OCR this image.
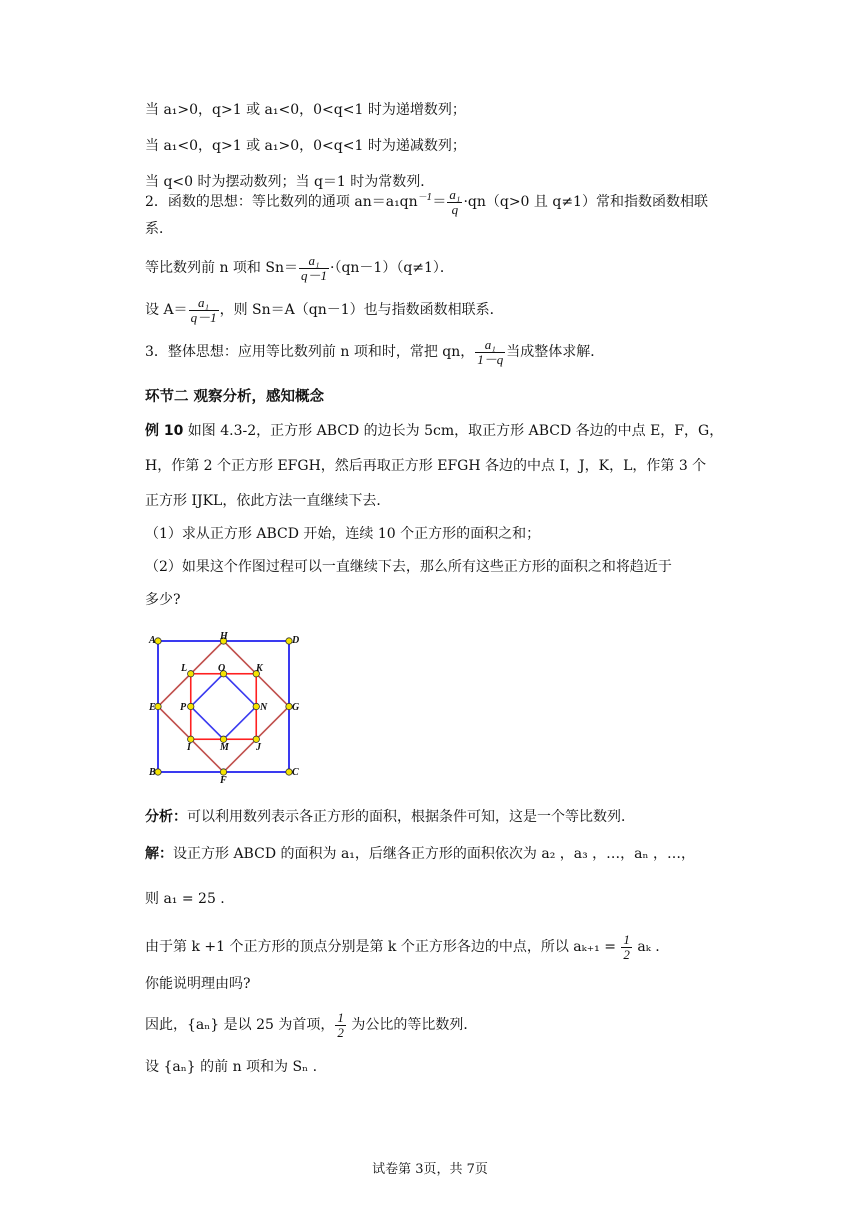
当 a₁>0，q>1 或 a₁<0，0<q<1 时为递增数列；
当 a₁<0，q>1 或 a₁>0，0<q<1 时为递减数列；
当 q<0 时为摆动数列；当 q＝1 时为常数列．
2．函数的思想：等比数列的通项 $an=a_1qn^{-1}= \frac{\text{a₁}}{q} \cdot qn(q>0$ 且 q≠1）常和指数函数相联
系．
等比数列前 n 项和 $Sn= \frac{\text{a₁}}{q-1} \cdot(qn-1)(q\ne 1)$．
设 $A= \frac{\text{a₁}}{q-1}$ ，则 Sn＝A（qn－1）也与指数函数相联系．
3．整体思想：应用等比数列前 n 项和时，常把 qn， $\frac{\text{a₁}}{1-q}$ 当成整体求解．
环节二 观察分析，感知概念
例 10 如图 4.3-2，正方形 ABCD 的边长为 5cm，取正方形 ABCD 各边的中点 E，F，G，
H，作第 2 个正方形 EFGH，然后再取正方形 EFGH 各边的中点 I，J，K，L，作第 3 个
正方形 IJKL，依此方法一直继续下去．
（1）求从正方形 ABCD 开始，连续 10 个正方形的面积之和；
（2）如果这个作图过程可以一直继续下去，那么所有这些正方形的面积之和将趋近于
多少?
A	H	D
L	O	K
E P	N G
I	M	J
B
F
C
分析：可以利用数列表示各正方形的面积，根据条件可知，这是一个等比数列．
解：设正方形 ABCD 的面积为 a₁，后继各正方形的面积依次为 a₂ ，a₃ ，…，aₙ ，…，
则 a₁ = 25 .
由于第 k +1 个正方形的顶点分别是第 k 个正方形各边的中点，所以 $a_{k+1} = \frac{1}{2}$ aₖ .
你能说明理由吗?
因此，{aₙ} 是以 25 为首项， $\frac{1}{2}$ 为公比的等比数列．
设 {aₙ} 的前 n 项和为 Sₙ .
试卷第 3页，共 7页
